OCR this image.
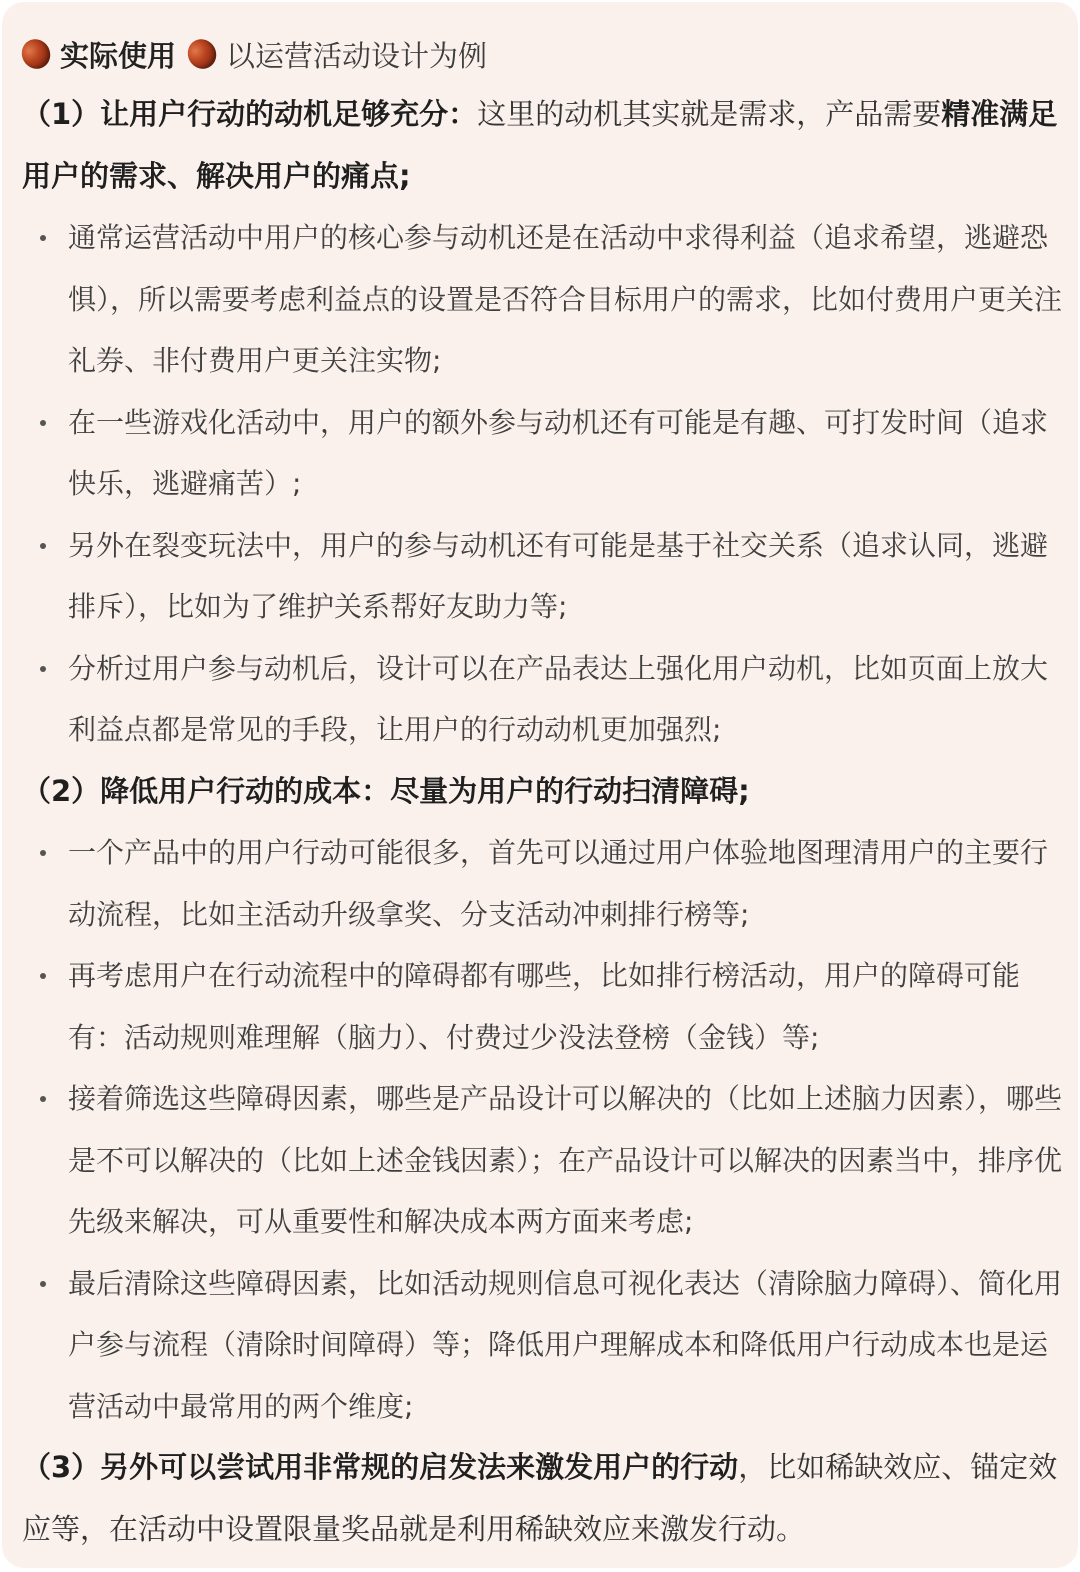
实际使用 以运营活动设计为例
（1）让用户行动的动机足够充分：这里的动机其实就是需求，产品需要精准满足用户的需求、解决用户的痛点;
通常运营活动中用户的核心参与动机还是在活动中求得利益（追求希望，逃避恐惧），所以需要考虑利益点的设置是否符合目标用户的需求，比如付费用户更关注礼券、非付费用户更关注实物;
在一些游戏化活动中，用户的额外参与动机还有可能是有趣、可打发时间（追求快乐，逃避痛苦）;
另外在裂变玩法中，用户的参与动机还有可能是基于社交关系（追求认同，逃避排斥），比如为了维护关系帮好友助力等;
分析过用户参与动机后，设计可以在产品表达上强化用户动机，比如页面上放大利益点都是常见的手段，让用户的行动动机更加强烈;
（2）降低用户行动的成本：尽量为用户的行动扫清障碍;
一个产品中的用户行动可能很多，首先可以通过用户体验地图理清用户的主要行动流程，比如主活动升级拿奖、分支活动冲刺排行榜等;
再考虑用户在行动流程中的障碍都有哪些，比如排行榜活动，用户的障碍可能有：活动规则难理解（脑力）、付费过少没法登榜（金钱）等;
接着筛选这些障碍因素，哪些是产品设计可以解决的（比如上述脑力因素），哪些是不可以解决的（比如上述金钱因素）；在产品设计可以解决的因素当中，排序优先级来解决，可从重要性和解决成本两方面来考虑;
最后清除这些障碍因素，比如活动规则信息可视化表达（清除脑力障碍）、简化用户参与流程（清除时间障碍）等；降低用户理解成本和降低用户行动成本也是运营活动中最常用的两个维度;
（3）另外可以尝试用非常规的启发法来激发用户的行动，比如稀缺效应、锚定效应等，在活动中设置限量奖品就是利用稀缺效应来激发行动。
